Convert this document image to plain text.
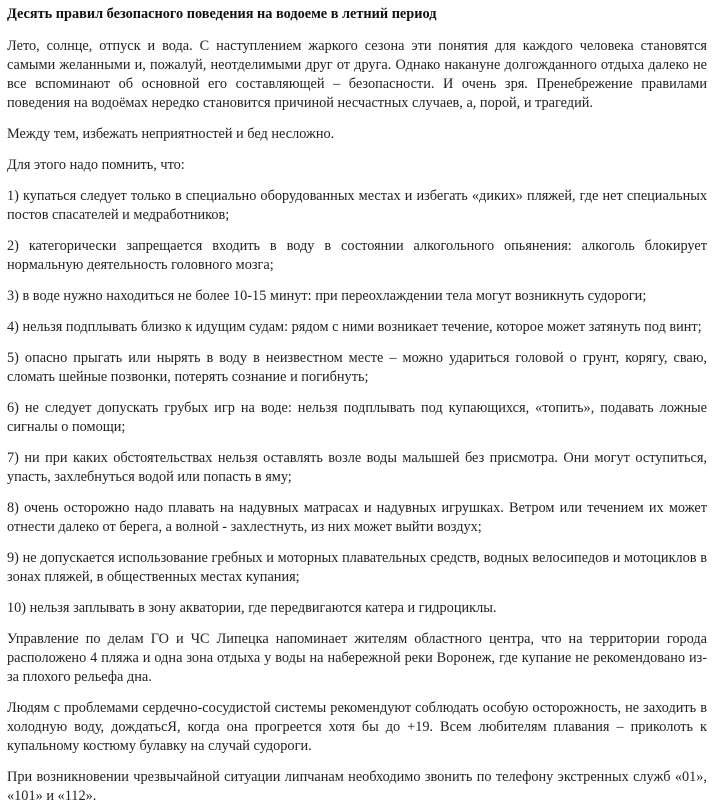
Десять правил безопасного поведения на водоеме в летний период

Лето, солнце, отпуск и вода. С наступлением жаркого сезона эти понятия для каждого человека становятся самыми желанными и, пожалуй, неотделимыми друг от друга. Однако накануне долгожданного отдыха далеко не все вспоминают об основной его составляющей – безопасности. И очень зря. Пренебрежение правилами поведения на водоёмах нередко становится причиной несчастных случаев, а, порой, и трагедий.

Между тем, избежать неприятностей и бед несложно.

Для этого надо помнить, что:

1) купаться следует только в специально оборудованных местах и избегать «диких» пляжей, где нет специальных постов спасателей и медработников;

2) категорически запрещается входить в воду в состоянии алкогольного опьянения: алкоголь блокирует нормальную деятельность головного мозга;

3) в воде нужно находиться не более 10-15 минут: при переохлаждении тела могут возникнуть судороги;

4) нельзя подплывать близко к идущим судам: рядом с ними возникает течение, которое может затянуть под винт;

5) опасно прыгать или нырять в воду в неизвестном месте – можно удариться головой о грунт, корягу, сваю, сломать шейные позвонки, потерять сознание и погибнуть;

6) не следует допускать грубых игр на воде: нельзя подплывать под купающихся, «топить», подавать ложные сигналы о помощи;

7) ни при каких обстоятельствах нельзя оставлять возле воды малышей без присмотра. Они могут оступиться, упасть, захлебнуться водой или попасть в яму;

8) очень осторожно надо плавать на надувных матрасах и надувных игрушках. Ветром или течением их может отнести далеко от берега, а волной - захлестнуть, из них может выйти воздух;

9) не допускается использование гребных и моторных плавательных средств, водных велосипедов и мотоциклов в зонах пляжей, в общественных местах купания;

10) нельзя заплывать в зону акватории, где передвигаются катера и гидроциклы.

Управление по делам ГО и ЧС Липецка напоминает жителям областного центра, что на территории города расположено 4 пляжа и одна зона отдыха у воды на набережной реки Воронеж, где купание не рекомендовано из-за плохого рельефа дна.

Людям с проблемами сердечно-сосудистой системы рекомендуют соблюдать особую осторожность, не заходить в холодную воду, дождатьсЯ, когда она прогреется хотя бы до +19. Всем любителям плавания – приколоть к купальному костюму булавку на случай судороги.

При возникновении чрезвычайной ситуации липчанам необходимо звонить по телефону экстренных служб «01», «101» и «112».
